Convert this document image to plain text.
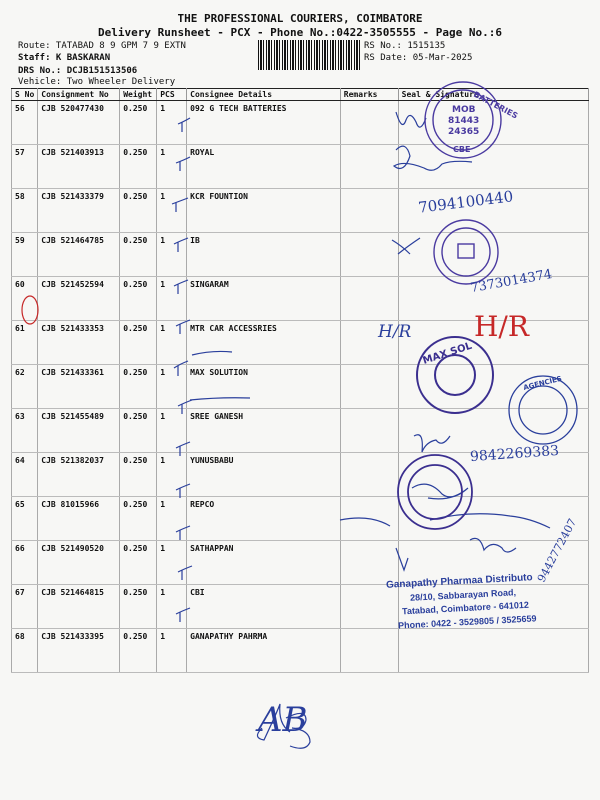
THE PROFESSIONAL COURIERS, COIMBATORE
Delivery Runsheet - PCX - Phone No.:0422-3505555 - Page No.:6
Route: TATABAD 8 9 GPM 7 9 EXTN
Staff: K BASKARAN
DRS No.: DCJB151513506
Vehicle: Two Wheeler Delivery
RS No.: 1515135
RS Date: 05-Mar-2025
S No	Consignment No	Weight	PCS	Consignee Details	Remarks	Seal & Signature
56	CJB 520477430	0.250	1	092 G TECH BATTERIES		
57	CJB 521403913	0.250	1	ROYAL		
58	CJB 521433379	0.250	1	KCR FOUNTION		
59	CJB 521464785	0.250	1	IB		
60	CJB 521452594	0.250	1	SINGARAM		
61	CJB 521433353	0.250	1	MTR CAR ACCESSRIES		
62	CJB 521433361	0.250	1	MAX SOLUTION		
63	CJB 521455489	0.250	1	SREE GANESH		
64	CJB 521382037	0.250	1	YUNUSBABU		
65	CJB 81015966	0.250	1	REPCO		
66	CJB 521490520	0.250	1	SATHAPPAN		
67	CJB 521464815	0.250	1	CBI		
68	CJB 521433395	0.250	1	GANAPATHY PAHRMA		
BATTERIES
MOB
81443
24365
CBE
MAX SOL
AGENCIES
7094100440
7373014374
H/R H/R
9842269383
9442772407
Ganapathy Pharmaa Distributo
28/10, Sabbarayan Road,
Tatabad, Coimbatore - 641012
Phone: 0422 - 3529805 / 3525659
AB
